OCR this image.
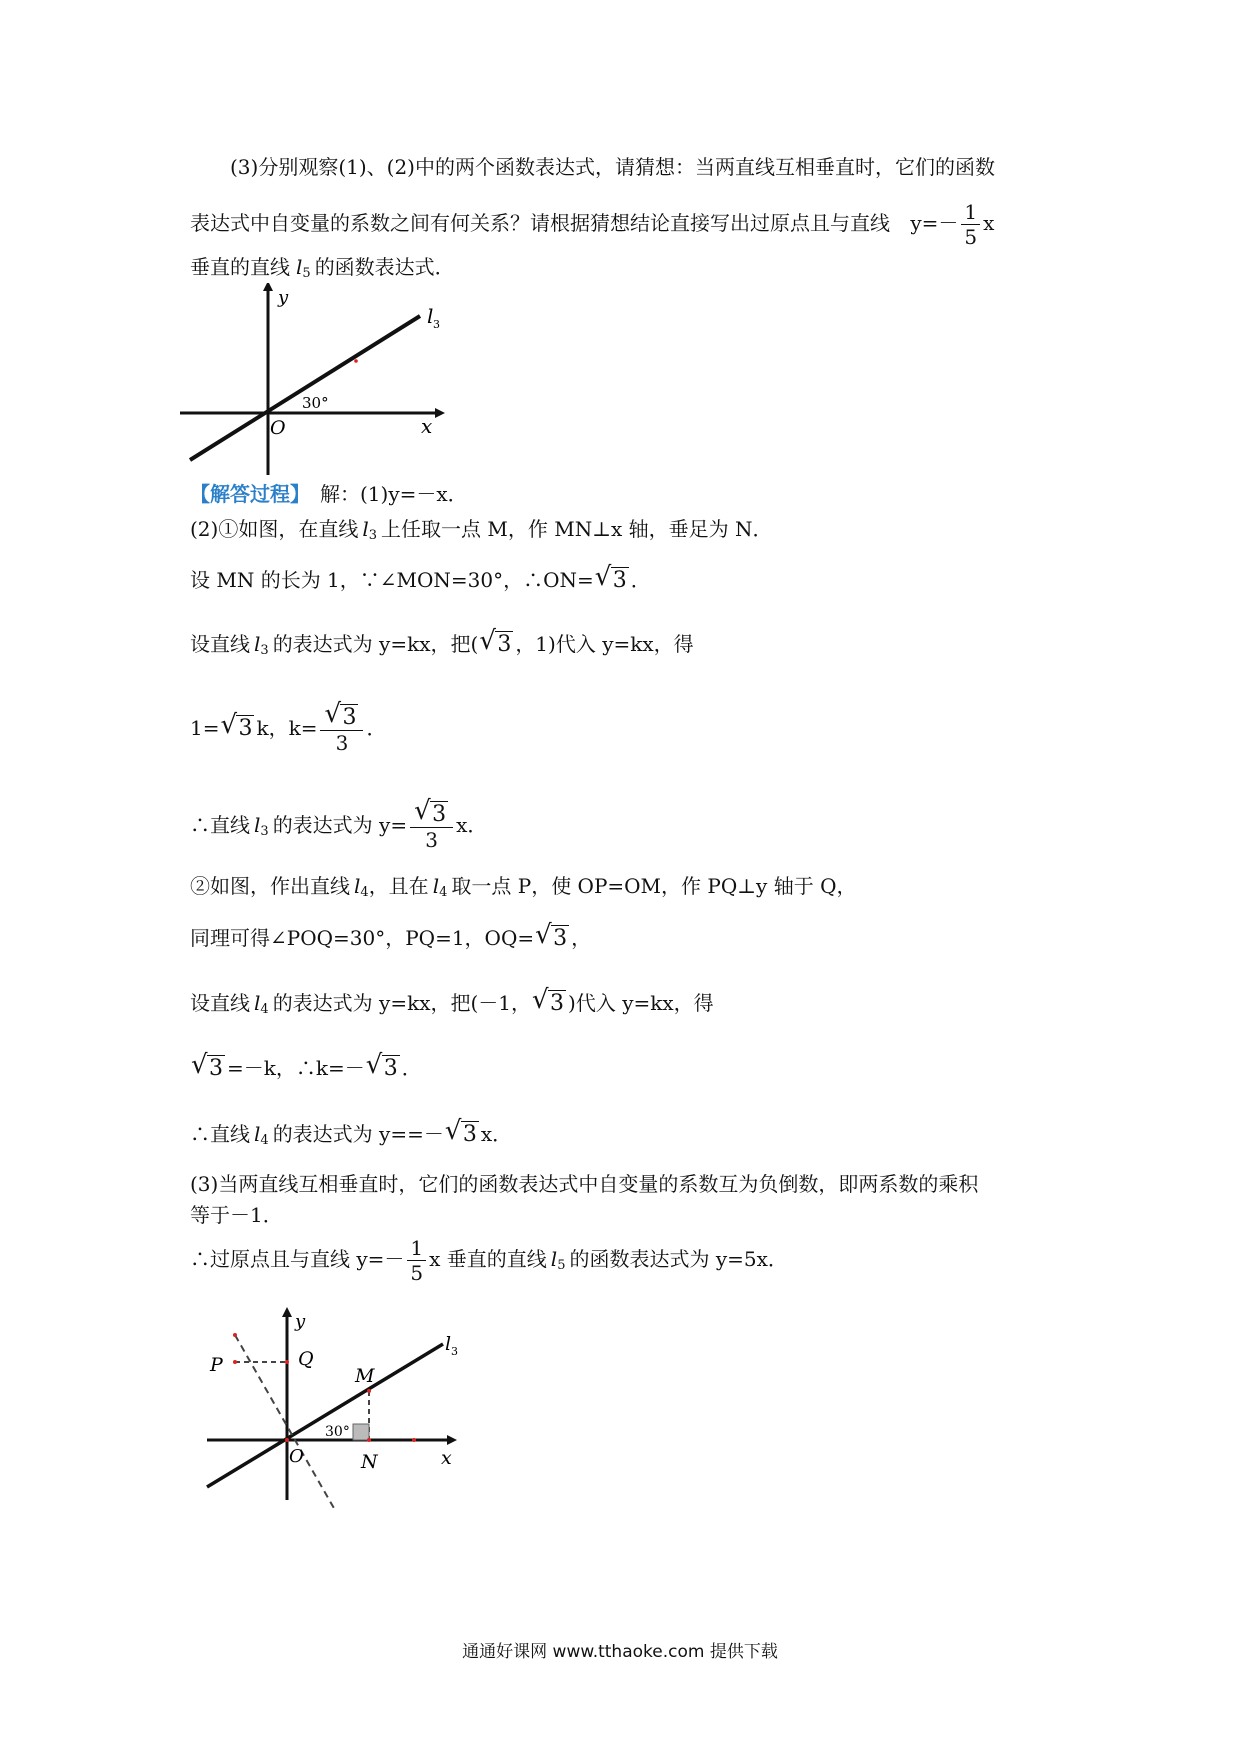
(3)分别观察(1)、(2)中的两个函数表达式，请猜想：当两直线互相垂直时，它们的函数
表达式中自变量的系数之间有何关系？请根据猜想结论直接写出过原点且与直线 $y=- \frac{1}{5}$ x
垂直的直线 $l_5$ 的函数表达式．
y
x
O
30°
l 3
【解答过程】 解：(1)y=－x．
(2)①如图，在直线 $l_3$ 上任取一点 M，作 MN⊥x 轴，垂足为 N．
设 MN 的长为 1，∵∠MON=30°，∴ON= √ 3 ．
设直线 $l_3$ 的表达式为 y=kx，把( √ 3 ，1)代入 y=kx，得
1= √ 3 k，k= √ $\frac{3}{3}$ ．
∴直线 $l_3$ 的表达式为 y= √ $\frac{3}{3}$ x．
②如图，作出直线 $l_4$，且在 $l_4$ 取一点 P，使 OP=OM，作 PQ⊥y 轴于 Q，
同理可得∠POQ=30°，PQ=1，OQ= √ 3 ，
设直线 $l_4$ 的表达式为 y=kx，把(－1， √ 3 )代入 y=kx，得
√ 3 =－k，∴k=－ √ 3 ．
∴直线 $l_4$ 的表达式为 y==－ √ 3 x．
(3)当两直线互相垂直时，它们的函数表达式中自变量的系数互为负倒数，即两系数的乘积
等于－1．
∴过原点且与直线 $y=- \frac{1}{5}$ x 垂直的直线 $l_5$ 的函数表达式为 y=5x．
y
x
O
P	Q
M
N
30°
l 3
通通好课网 www.tthaoke.com 提供下载
